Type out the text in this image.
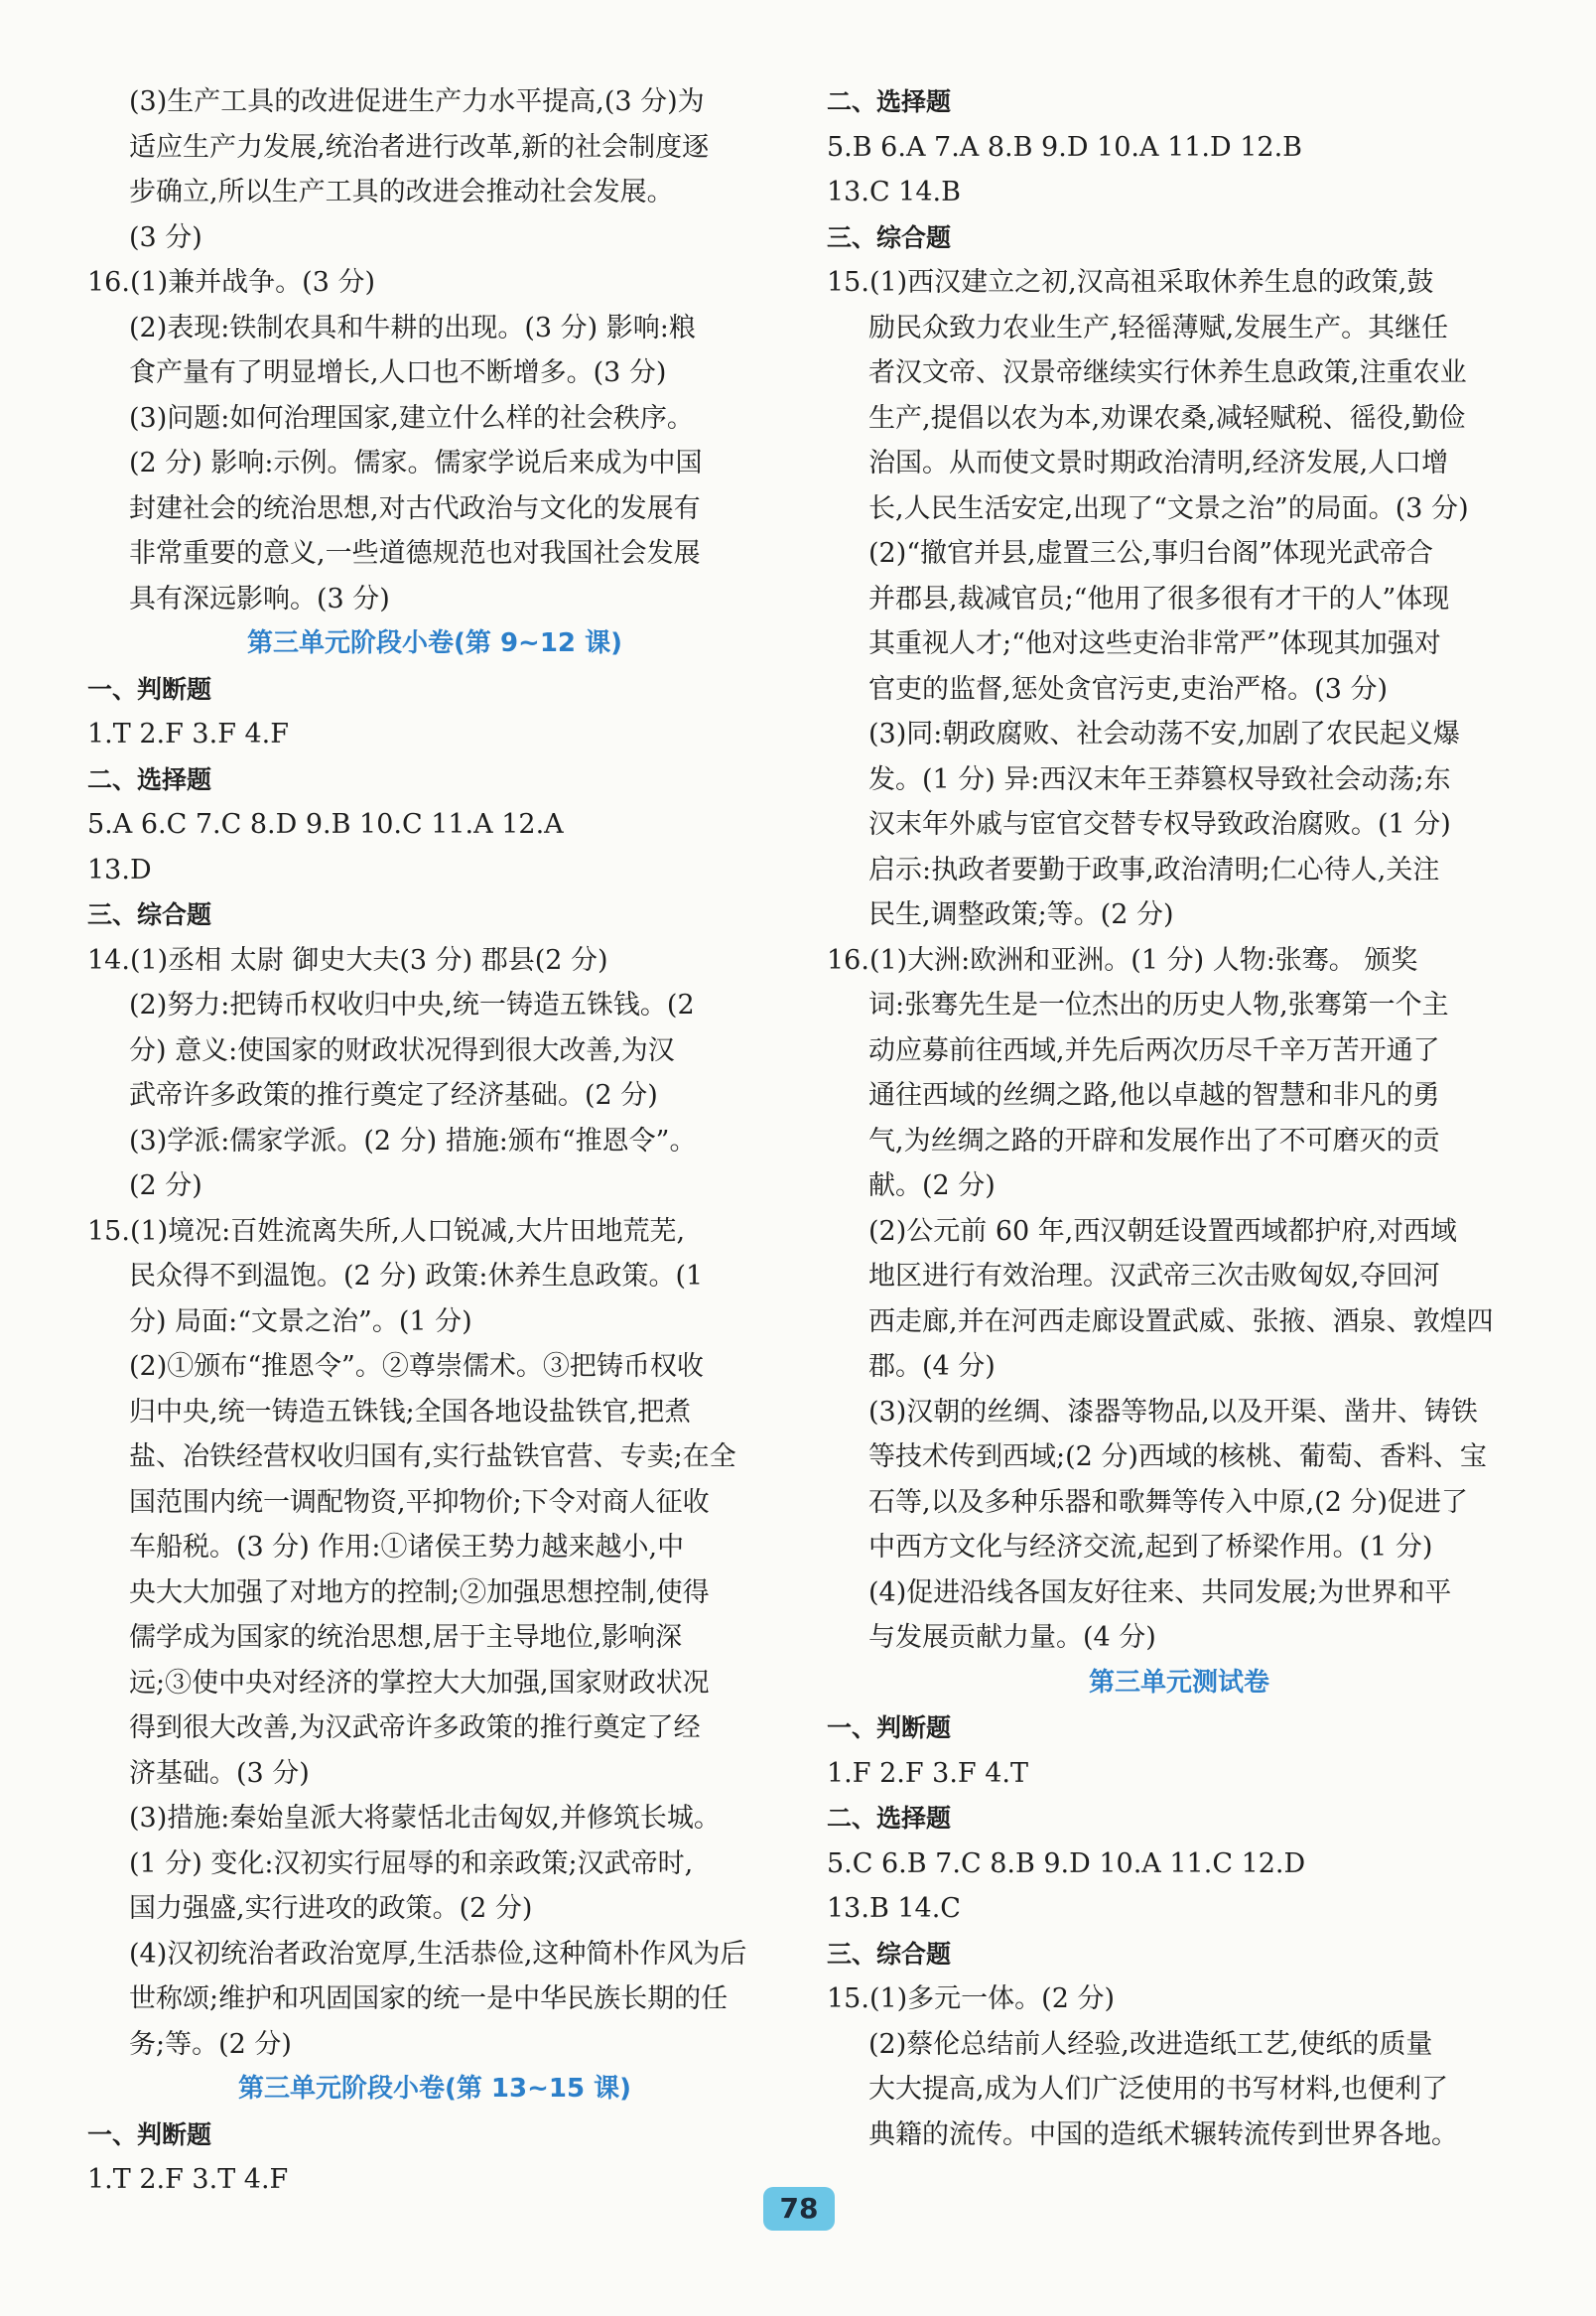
(3)生产工具的改进促进生产力水平提高,(3 分)为
适应生产力发展,统治者进行改革,新的社会制度逐
步确立,所以生产工具的改进会推动社会发展。
(3 分)
16.(1)兼并战争。(3 分)
(2)表现:铁制农具和牛耕的出现。(3 分) 影响:粮
食产量有了明显增长,人口也不断增多。(3 分)
(3)问题:如何治理国家,建立什么样的社会秩序。
(2 分) 影响:示例。儒家。儒家学说后来成为中国
封建社会的统治思想,对古代政治与文化的发展有
非常重要的意义,一些道德规范也对我国社会发展
具有深远影响。(3 分)
第三单元阶段小卷(第 9~12 课)
一、判断题
1.T 2.F 3.F 4.F
二、选择题
5.A 6.C 7.C 8.D 9.B 10.C 11.A 12.A
13.D
三、综合题
14.(1)丞相 太尉 御史大夫(3 分) 郡县(2 分)
(2)努力:把铸币权收归中央,统一铸造五铢钱。(2
分) 意义:使国家的财政状况得到很大改善,为汉
武帝许多政策的推行奠定了经济基础。(2 分)
(3)学派:儒家学派。(2 分) 措施:颁布“推恩令”。
(2 分)
15.(1)境况:百姓流离失所,人口锐减,大片田地荒芜,
民众得不到温饱。(2 分) 政策:休养生息政策。(1
分) 局面:“文景之治”。(1 分)
(2)①颁布“推恩令”。②尊崇儒术。③把铸币权收
归中央,统一铸造五铢钱;全国各地设盐铁官,把煮
盐、冶铁经营权收归国有,实行盐铁官营、专卖;在全
国范围内统一调配物资,平抑物价;下令对商人征收
车船税。(3 分) 作用:①诸侯王势力越来越小,中
央大大加强了对地方的控制;②加强思想控制,使得
儒学成为国家的统治思想,居于主导地位,影响深
远;③使中央对经济的掌控大大加强,国家财政状况
得到很大改善,为汉武帝许多政策的推行奠定了经
济基础。(3 分)
(3)措施:秦始皇派大将蒙恬北击匈奴,并修筑长城。
(1 分) 变化:汉初实行屈辱的和亲政策;汉武帝时,
国力强盛,实行进攻的政策。(2 分)
(4)汉初统治者政治宽厚,生活恭俭,这种简朴作风为后
世称颂;维护和巩固国家的统一是中华民族长期的任
务;等。(2 分)
第三单元阶段小卷(第 13~15 课)
一、判断题
1.T 2.F 3.T 4.F
二、选择题
5.B 6.A 7.A 8.B 9.D 10.A 11.D 12.B
13.C 14.B
三、综合题
15.(1)西汉建立之初,汉高祖采取休养生息的政策,鼓
励民众致力农业生产,轻徭薄赋,发展生产。其继任
者汉文帝、汉景帝继续实行休养生息政策,注重农业
生产,提倡以农为本,劝课农桑,减轻赋税、徭役,勤俭
治国。从而使文景时期政治清明,经济发展,人口增
长,人民生活安定,出现了“文景之治”的局面。(3 分)
(2)“撤官并县,虚置三公,事归台阁”体现光武帝合
并郡县,裁减官员;“他用了很多很有才干的人”体现
其重视人才;“他对这些吏治非常严”体现其加强对
官吏的监督,惩处贪官污吏,吏治严格。(3 分)
(3)同:朝政腐败、社会动荡不安,加剧了农民起义爆
发。(1 分) 异:西汉末年王莽篡权导致社会动荡;东
汉末年外戚与宦官交替专权导致政治腐败。(1 分)
启示:执政者要勤于政事,政治清明;仁心待人,关注
民生,调整政策;等。(2 分)
16.(1)大洲:欧洲和亚洲。(1 分) 人物:张骞。 颁奖
词:张骞先生是一位杰出的历史人物,张骞第一个主
动应募前往西域,并先后两次历尽千辛万苦开通了
通往西域的丝绸之路,他以卓越的智慧和非凡的勇
气,为丝绸之路的开辟和发展作出了不可磨灭的贡
献。(2 分)
(2)公元前 60 年,西汉朝廷设置西域都护府,对西域
地区进行有效治理。汉武帝三次击败匈奴,夺回河
西走廊,并在河西走廊设置武威、张掖、酒泉、敦煌四
郡。(4 分)
(3)汉朝的丝绸、漆器等物品,以及开渠、凿井、铸铁
等技术传到西域;(2 分)西域的核桃、葡萄、香料、宝
石等,以及多种乐器和歌舞等传入中原,(2 分)促进了
中西方文化与经济交流,起到了桥梁作用。(1 分)
(4)促进沿线各国友好往来、共同发展;为世界和平
与发展贡献力量。(4 分)
第三单元测试卷
一、判断题
1.F 2.F 3.F 4.T
二、选择题
5.C 6.B 7.C 8.B 9.D 10.A 11.C 12.D
13.B 14.C
三、综合题
15.(1)多元一体。(2 分)
(2)蔡伦总结前人经验,改进造纸工艺,使纸的质量
大大提高,成为人们广泛使用的书写材料,也便利了
典籍的流传。中国的造纸术辗转流传到世界各地。
78
